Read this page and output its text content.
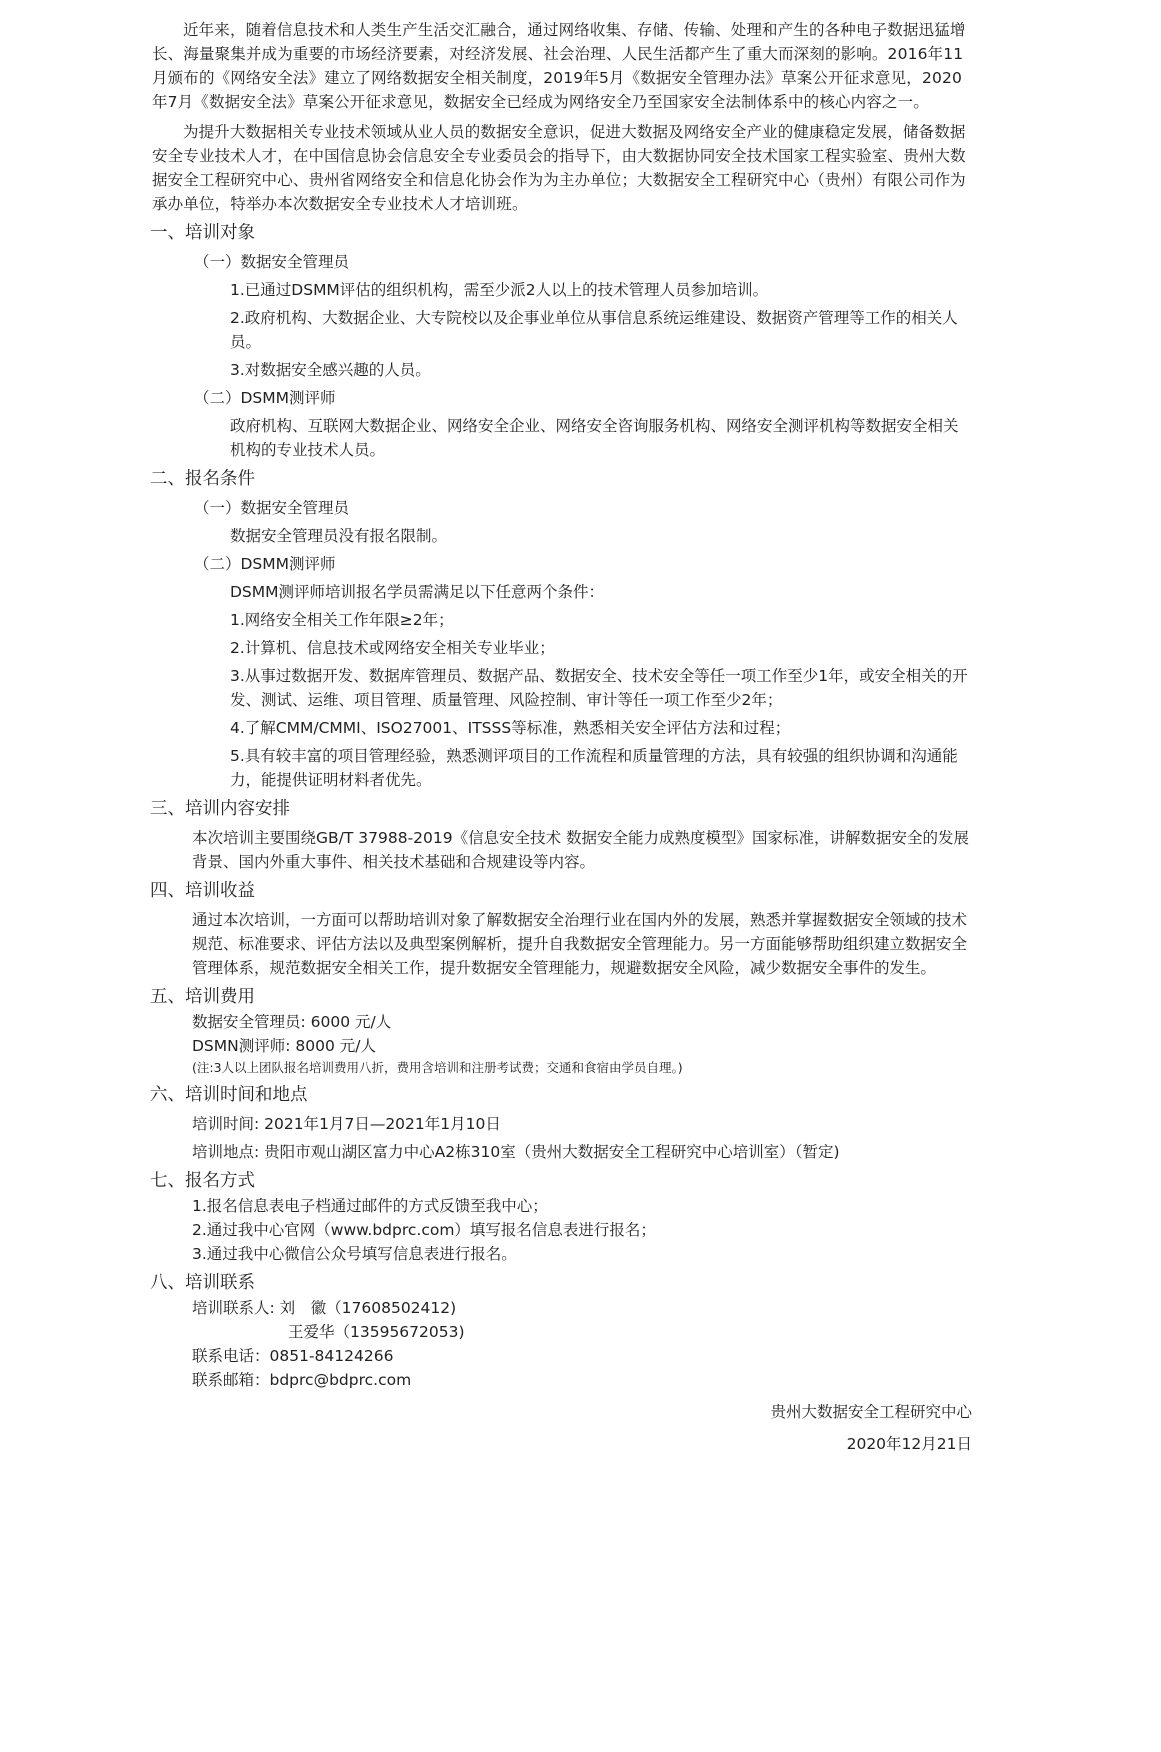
近年来，随着信息技术和人类生产生活交汇融合，通过网络收集、存储、传输、处理和产生的各种电子数据迅猛增长、海量聚集并成为重要的市场经济要素，对经济发展、社会治理、人民生活都产生了重大而深刻的影响。2016年11月颁布的《网络安全法》建立了网络数据安全相关制度，2019年5月《数据安全管理办法》草案公开征求意见，2020年7月《数据安全法》草案公开征求意见，数据安全已经成为网络安全乃至国家安全法制体系中的核心内容之一。

为提升大数据相关专业技术领域从业人员的数据安全意识，促进大数据及网络安全产业的健康稳定发展，储备数据安全专业技术人才，在中国信息协会信息安全专业委员会的指导下，由大数据协同安全技术国家工程实验室、贵州大数据安全工程研究中心、贵州省网络安全和信息化协会作为为主办单位；大数据安全工程研究中心（贵州）有限公司作为承办单位，特举办本次数据安全专业技术人才培训班。

一、培训对象

（一）数据安全管理员

1.已通过DSMM评估的组织机构，需至少派2人以上的技术管理人员参加培训。

2.政府机构、大数据企业、大专院校以及企事业单位从事信息系统运维建设、数据资产管理等工作的相关人员。

3.对数据安全感兴趣的人员。

（二）DSMM测评师

政府机构、互联网大数据企业、网络安全企业、网络安全咨询服务机构、网络安全测评机构等数据安全相关机构的专业技术人员。

二、报名条件

（一）数据安全管理员

数据安全管理员没有报名限制。

（二）DSMM测评师

DSMM测评师培训报名学员需满足以下任意两个条件：

1.网络安全相关工作年限≥2年；

2.计算机、信息技术或网络安全相关专业毕业；

3.从事过数据开发、数据库管理员、数据产品、数据安全、技术安全等任一项工作至少1年，或安全相关的开发、测试、运维、项目管理、质量管理、风险控制、审计等任一项工作至少2年；

4.了解CMM/CMMI、ISO27001、ITSSS等标准，熟悉相关安全评估方法和过程；

5.具有较丰富的项目管理经验，熟悉测评项目的工作流程和质量管理的方法，具有较强的组织协调和沟通能力，能提供证明材料者优先。

三、培训内容安排

本次培训主要围绕GB/T 37988-2019《信息安全技术 数据安全能力成熟度模型》国家标准，讲解数据安全的发展背景、国内外重大事件、相关技术基础和合规建设等内容。

四、培训收益

通过本次培训，一方面可以帮助培训对象了解数据安全治理行业在国内外的发展，熟悉并掌握数据安全领域的技术规范、标准要求、评估方法以及典型案例解析，提升自我数据安全管理能力。另一方面能够帮助组织建立数据安全管理体系，规范数据安全相关工作，提升数据安全管理能力，规避数据安全风险，减少数据安全事件的发生。

五、培训费用

数据安全管理员: 6000 元/人

DSMN测评师: 8000 元/人

(注:3人以上团队报名培训费用八折，费用含培训和注册考试费；交通和食宿由学员自理。)

六、培训时间和地点

培训时间: 2021年1月7日—2021年1月10日

培训地点: 贵阳市观山湖区富力中心A2栋310室（贵州大数据安全工程研究中心培训室）（暂定)

七、报名方式

1.报名信息表电子档通过邮件的方式反馈至我中心；

2.通过我中心官网（www.bdprc.com）填写报名信息表进行报名；

3.通过我中心微信公众号填写信息表进行报名。

八、培训联系

培训联系人: 刘　徽（17608502412)

王爱华（13595672053)

联系电话：0851-84124266

联系邮箱：bdprc@bdprc.com

贵州大数据安全工程研究中心

2020年12月21日
